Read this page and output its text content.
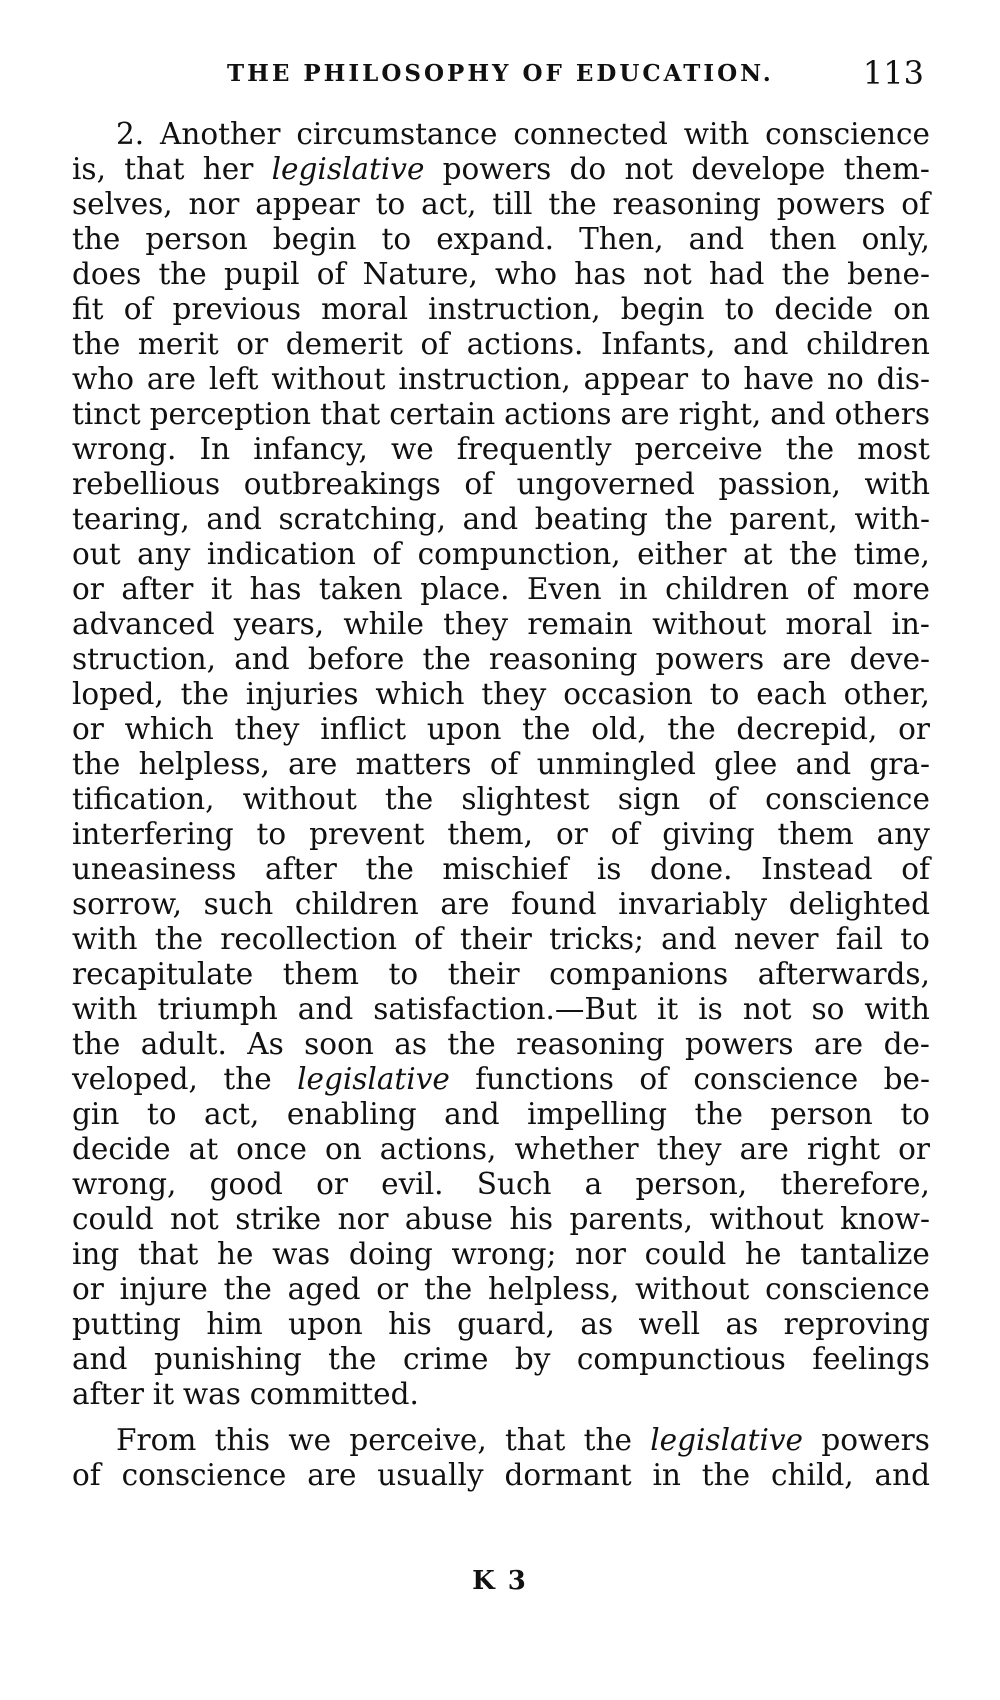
THE PHILOSOPHY OF EDUCATION.	113
2. Another circumstance connected with conscience
is, that her legislative powers do not develope them-
selves, nor appear to act, till the reasoning powers of
the person begin to expand. Then, and then only,
does the pupil of Nature, who has not had the bene-
fit of previous moral instruction, begin to decide on
the merit or demerit of actions. Infants, and children
who are left without instruction, appear to have no dis-
tinct perception that certain actions are right, and others
wrong. In infancy, we frequently perceive the most
rebellious outbreakings of ungoverned passion, with
tearing, and scratching, and beating the parent, with-
out any indication of compunction, either at the time,
or after it has taken place. Even in children of more
advanced years, while they remain without moral in-
struction, and before the reasoning powers are deve-
loped, the injuries which they occasion to each other,
or which they inflict upon the old, the decrepid, or
the helpless, are matters of unmingled glee and gra-
tification, without the slightest sign of conscience
interfering to prevent them, or of giving them any
uneasiness after the mischief is done. Instead of
sorrow, such children are found invariably delighted
with the recollection of their tricks; and never fail to
recapitulate them to their companions afterwards,
with triumph and satisfaction.—But it is not so with
the adult. As soon as the reasoning powers are de-
veloped, the legislative functions of conscience be-
gin to act, enabling and impelling the person to
decide at once on actions, whether they are right or
wrong, good or evil. Such a person, therefore,
could not strike nor abuse his parents, without know-
ing that he was doing wrong; nor could he tantalize
or injure the aged or the helpless, without conscience
putting him upon his guard, as well as reproving
and punishing the crime by compunctious feelings
after it was committed.
From this we perceive, that the legislative powers
of conscience are usually dormant in the child, and
K 3
